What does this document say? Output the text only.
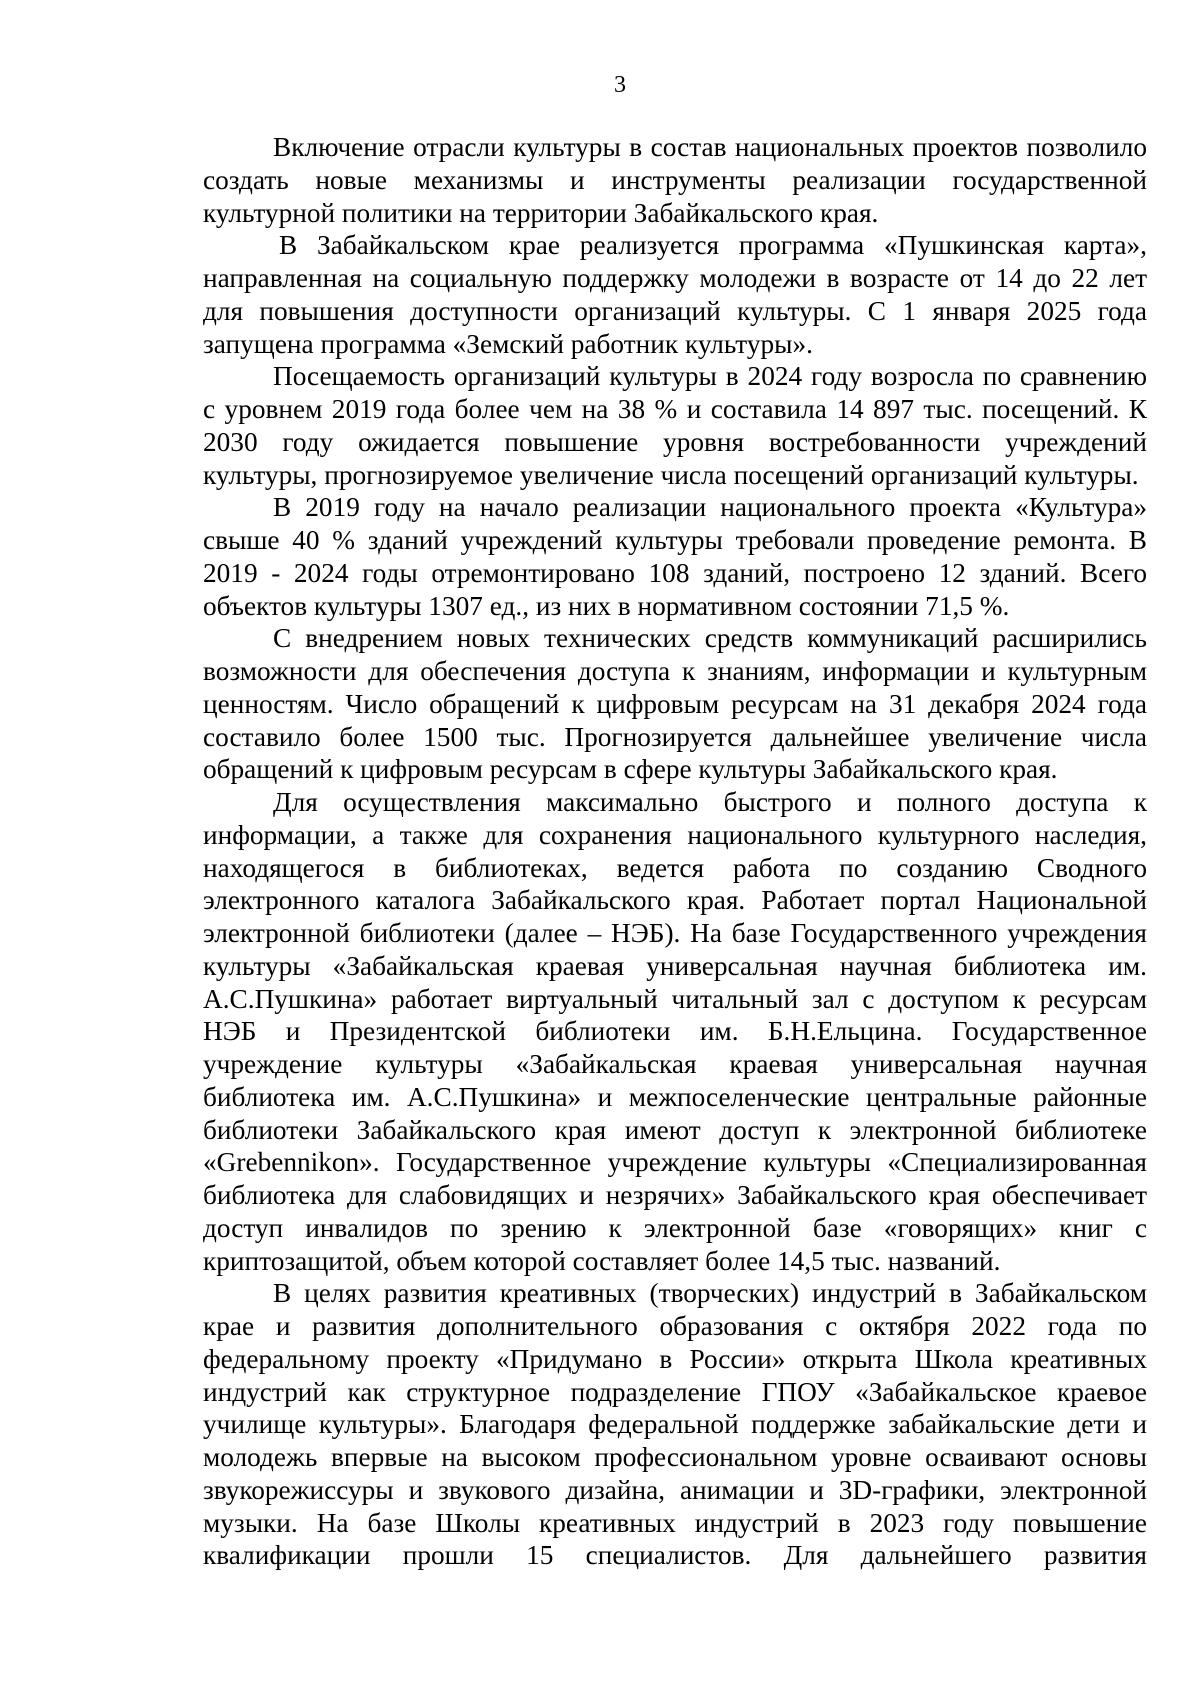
3

Включение отрасли культуры в состав национальных проектов позволило создать новые механизмы и инструменты реализации государственной культурной политики на территории Забайкальского края.

В Забайкальском крае реализуется программа «Пушкинская карта», направленная на социальную поддержку молодежи в возрасте от 14 до 22 лет для повышения доступности организаций культуры. С 1 января 2025 года запущена программа «Земский работник культуры».

Посещаемость организаций культуры в 2024 году возросла по сравнению с уровнем 2019 года более чем на 38 % и составила 14 897 тыс. посещений. К 2030 году ожидается повышение уровня востребованности учреждений культуры, прогнозируемое увеличение числа посещений организаций культуры.

В 2019 году на начало реализации национального проекта «Культура» свыше 40 % зданий учреждений культуры требовали проведение ремонта. В 2019 - 2024 годы отремонтировано 108 зданий, построено 12 зданий. Всего объектов культуры 1307 ед., из них в нормативном состоянии 71,5 %.

С внедрением новых технических средств коммуникаций расширились возможности для обеспечения доступа к знаниям, информации и культурным ценностям. Число обращений к цифровым ресурсам на 31 декабря 2024 года составило более 1500 тыс. Прогнозируется дальнейшее увеличение числа обращений к цифровым ресурсам в сфере культуры Забайкальского края.

Для осуществления максимально быстрого и полного доступа к информации, а также для сохранения национального культурного наследия, находящегося в библиотеках, ведется работа по созданию Сводного электронного каталога Забайкальского края. Работает портал Национальной электронной библиотеки (далее – НЭБ). На базе Государственного учреждения культуры «Забайкальская краевая универсальная научная библиотека им. А.С.Пушкина» работает виртуальный читальный зал с доступом к ресурсам НЭБ и Президентской библиотеки им. Б.Н.Ельцина. Государственное учреждение культуры «Забайкальская краевая универсальная научная библиотека им. А.С.Пушкина» и межпоселенческие центральные районные библиотеки Забайкальского края имеют доступ к электронной библиотеке «Grebennikon». Государственное учреждение культуры «Специализированная библиотека для слабовидящих и незрячих» Забайкальского края обеспечивает доступ инвалидов по зрению к электронной базе «говорящих» книг с криптозащитой, объем которой составляет более 14,5 тыс. названий.

В целях развития креативных (творческих) индустрий в Забайкальском крае и развития дополнительного образования с октября 2022 года по федеральному проекту «Придумано в России» открыта Школа креативных индустрий как структурное подразделение ГПОУ «Забайкальское краевое училище культуры». Благодаря федеральной поддержке забайкальские дети и молодежь впервые на высоком профессиональном уровне осваивают основы звукорежиссуры и звукового дизайна, анимации и 3D-графики, электронной музыки. На базе Школы креативных индустрий в 2023 году повышение квалификации прошли 15 специалистов. Для дальнейшего развития
